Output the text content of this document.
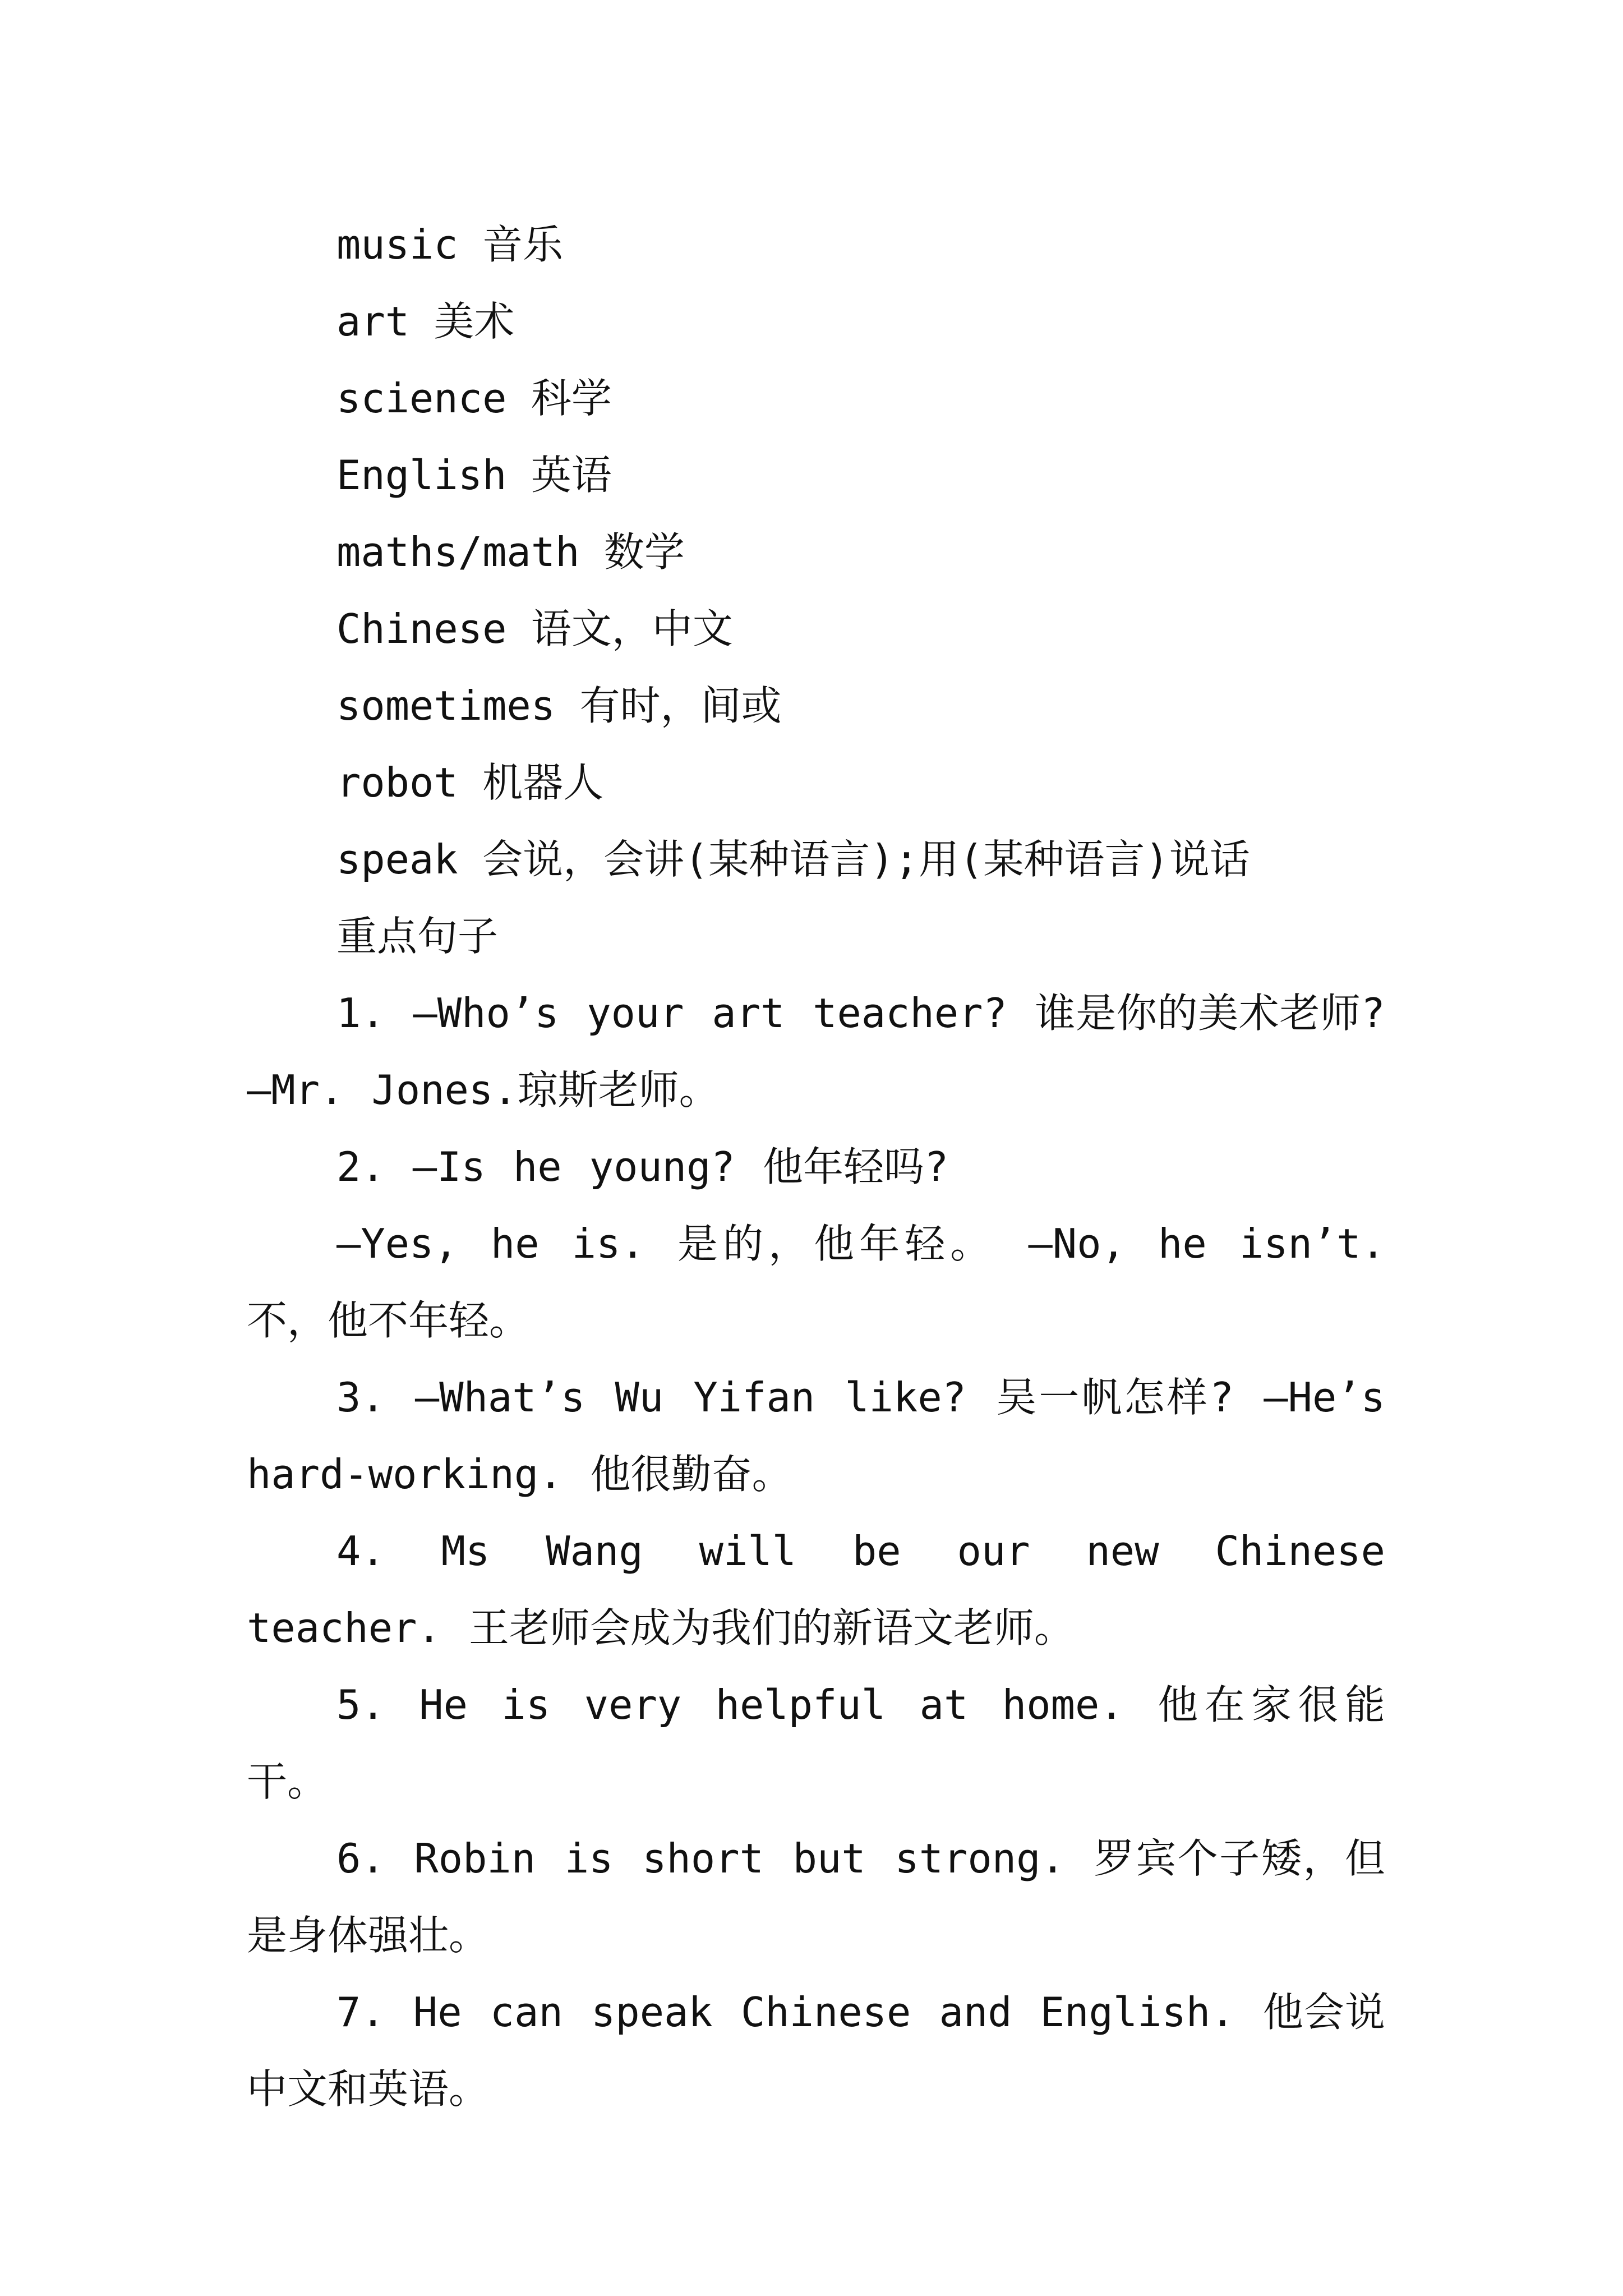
music 音乐
art 美术
science 科学
English 英语
maths/math 数学
Chinese 语文，中文
sometimes 有时，间或
robot 机器人
speak 会说，会讲(某种语言);用(某种语言)说话
重点句子
1. —Who’s your art teacher? 谁是你的美术老师? —Mr. Jones.琼斯老师。
2. —Is he young? 他年轻吗?
—Yes, he is. 是的，他年轻。 —No, he isn’t. 不，他不年轻。
3. —What’s Wu Yifan like? 吴一帆怎样? —He’s hard-working. 他很勤奋。
4. Ms Wang will be our new Chinese teacher. 王老师会成为我们的新语文老师。
5. He is very helpful at home. 他在家很能干。
6. Robin is short but strong. 罗宾个子矮，但是身体强壮。
7. He can speak Chinese and English. 他会说中文和英语。
